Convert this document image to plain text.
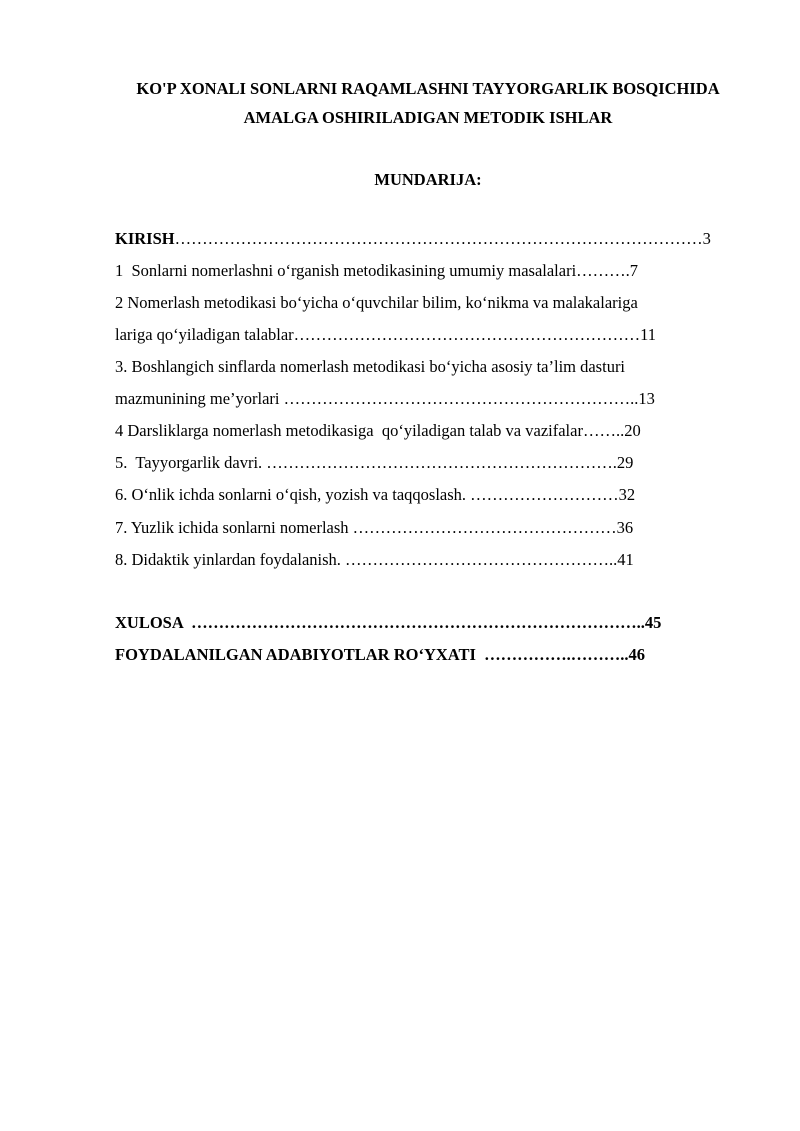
KO'P XONALI SONLARNI RAQAMLASHNI TAYYORGARLIK BOSQICHIDA
AMALGA OSHIRILADIGAN METODIK ISHLAR
MUNDARIJA:
KIRISH……………………………………………………………………………………3
1  Sonlarni nomerlashni o‘rganish metodikasining umumiy masalalari……….7
2 Nomerlash metodikasi bo‘yicha o‘quvchilar bilim, ko‘nikma va malakalariga
lariga qo‘yiladigan talablar………………………………………………………11
3. Boshlangich sinflarda nomerlash metodikasi bo‘yicha asosiy ta’lim dasturi
mazmunining me’yorlari ………………………………………………………..13
4 Darsliklarga nomerlash metodikasiga  qo‘yiladigan talab va vazifalar……..20
5.  Tayyorgarlik davri. ……………………………………………………….29
6. O‘nlik ichda sonlarni o‘qish, yozish va taqqoslash. ………………………32
7. Yuzlik ichida sonlarni nomerlash …………………………………………36
8. Didaktik yinlardan foydalanish. …………………………………………..41
XULOSA  ………………………………………………………………………..45
FOYDALANILGAN ADABIYOTLAR RO‘YXATI  …………….………..46
